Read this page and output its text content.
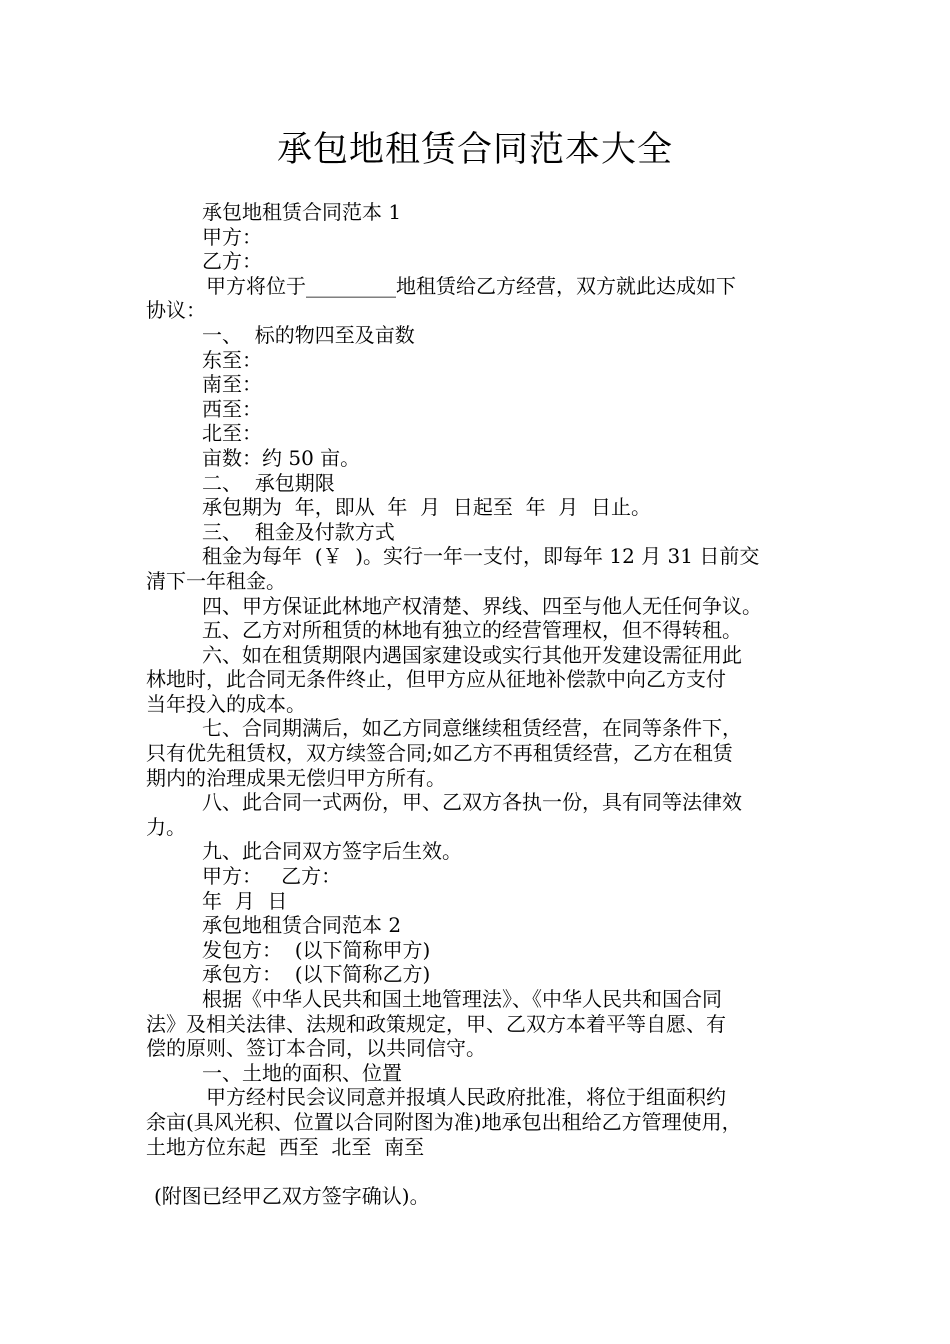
承包地租赁合同范本大全
承包地租赁合同范本 1
甲方：
乙方：
甲方将位于_________地租赁给乙方经营，双方就此达成如下
协议：
一、  标的物四至及亩数
东至：
南至：
西至：
北至：
亩数：约 50 亩。
二、  承包期限
承包期为  年，即从  年  月  日起至  年  月  日止。
三、  租金及付款方式
租金为每年  (￥  )。实行一年一支付，即每年 12 月 31 日前交
清下一年租金。
四、甲方保证此林地产权清楚、界线、四至与他人无任何争议。
五、乙方对所租赁的林地有独立的经营管理权，但不得转租。
六、如在租赁期限内遇国家建设或实行其他开发建设需征用此
林地时，此合同无条件终止，但甲方应从征地补偿款中向乙方支付
当年投入的成本。
七、合同期满后，如乙方同意继续租赁经营，在同等条件下，
只有优先租赁权，双方续签合同;如乙方不再租赁经营，乙方在租赁
期内的治理成果无偿归甲方所有。
八、此合同一式两份，甲、乙双方各执一份，具有同等法律效
力。
九、此合同双方签字后生效。
甲方：   乙方：
年  月  日
承包地租赁合同范本 2
发包方：  (以下简称甲方)
承包方：  (以下简称乙方)
根据《中华人民共和国土地管理法》、《中华人民共和国合同
法》及相关法律、法规和政策规定，甲、乙双方本着平等自愿、有
偿的原则、签订本合同，以共同信守。
一、土地的面积、位置
甲方经村民会议同意并报填人民政府批准，将位于组面积约
余亩(具风光积、位置以合同附图为准)地承包出租给乙方管理使用，
土地方位东起  西至  北至  南至
(附图已经甲乙双方签字确认)。
